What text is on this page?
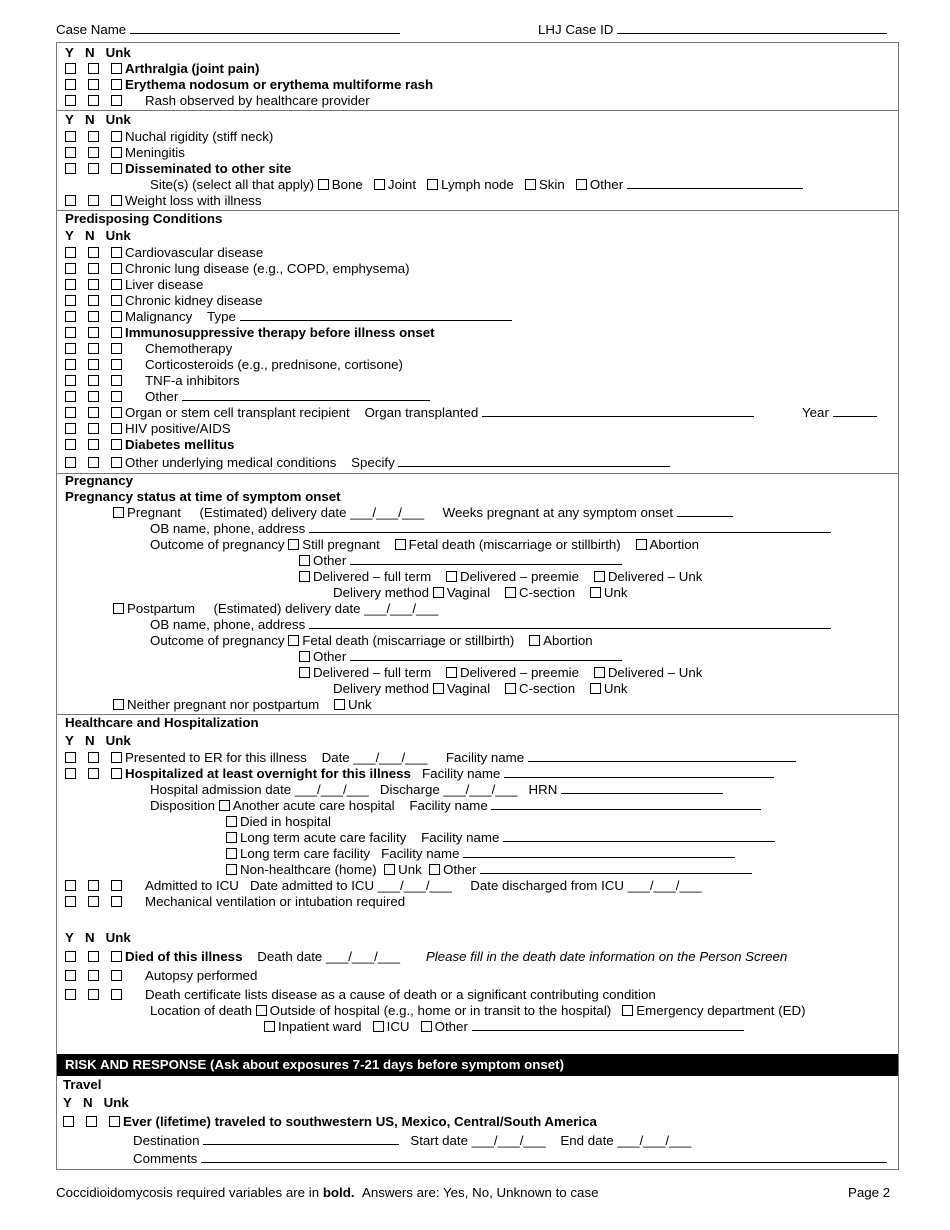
Case Name	LHJ Case ID
Y N Unk
Arthralgia (joint pain)
Erythema nodosum or erythema multiforme rash
Rash observed by healthcare provider
Y N Unk
Nuchal rigidity (stiff neck)
Meningitis
Disseminated to other site
Site(s) (select all that apply) Bone Joint Lymph node Skin Other
Weight loss with illness
Predisposing Conditions
Y N Unk
Cardiovascular disease
Chronic lung disease (e.g., COPD, emphysema)
Liver disease
Chronic kidney disease
Malignancy Type
Immunosuppressive therapy before illness onset
Chemotherapy
Corticosteroids (e.g., prednisone, cortisone)
TNF-a inhibitors
Other
Organ or stem cell transplant recipient Organ transplanted	Year
HIV positive/AIDS
Diabetes mellitus
Other underlying medical conditions Specify
Pregnancy
Pregnancy status at time of symptom onset
Pregnant (Estimated) delivery date ___/___/___ Weeks pregnant at any symptom onset
OB name, phone, address
Outcome of pregnancy Still pregnant Fetal death (miscarriage or stillbirth) Abortion
Other
Delivered – full term Delivered – preemie Delivered – Unk
Delivery method Vaginal C-section Unk
Postpartum (Estimated) delivery date ___/___/___
OB name, phone, address
Outcome of pregnancy Fetal death (miscarriage or stillbirth) Abortion
Other
Delivered – full term Delivered – preemie Delivered – Unk
Delivery method Vaginal C-section Unk
Neither pregnant nor postpartum Unk
Healthcare and Hospitalization
Y N Unk
Presented to ER for this illness Date ___/___/___ Facility name
Hospitalized at least overnight for this illness Facility name
Hospital admission date ___/___/___ Discharge ___/___/___ HRN
Disposition Another acute care hospital Facility name
Died in hospital
Long term acute care facility Facility name
Long term care facility Facility name
Non-healthcare (home) Unk Other
Admitted to ICU Date admitted to ICU ___/___/___ Date discharged from ICU ___/___/___
Mechanical ventilation or intubation required
Y N Unk
Died of this illness Death date ___/___/___ Please fill in the death date information on the Person Screen
Autopsy performed
Death certificate lists disease as a cause of death or a significant contributing condition
Location of death Outside of hospital (e.g., home or in transit to the hospital) Emergency department (ED)
Inpatient ward ICU Other
RISK AND RESPONSE (Ask about exposures 7-21 days before symptom onset)
Travel
Y N Unk
Ever (lifetime) traveled to southwestern US, Mexico, Central/South America
Destination	Start date ___/___/___ End date ___/___/___
Comments
Coccidioidomycosis required variables are in bold. Answers are: Yes, No, Unknown to case	Page 2
